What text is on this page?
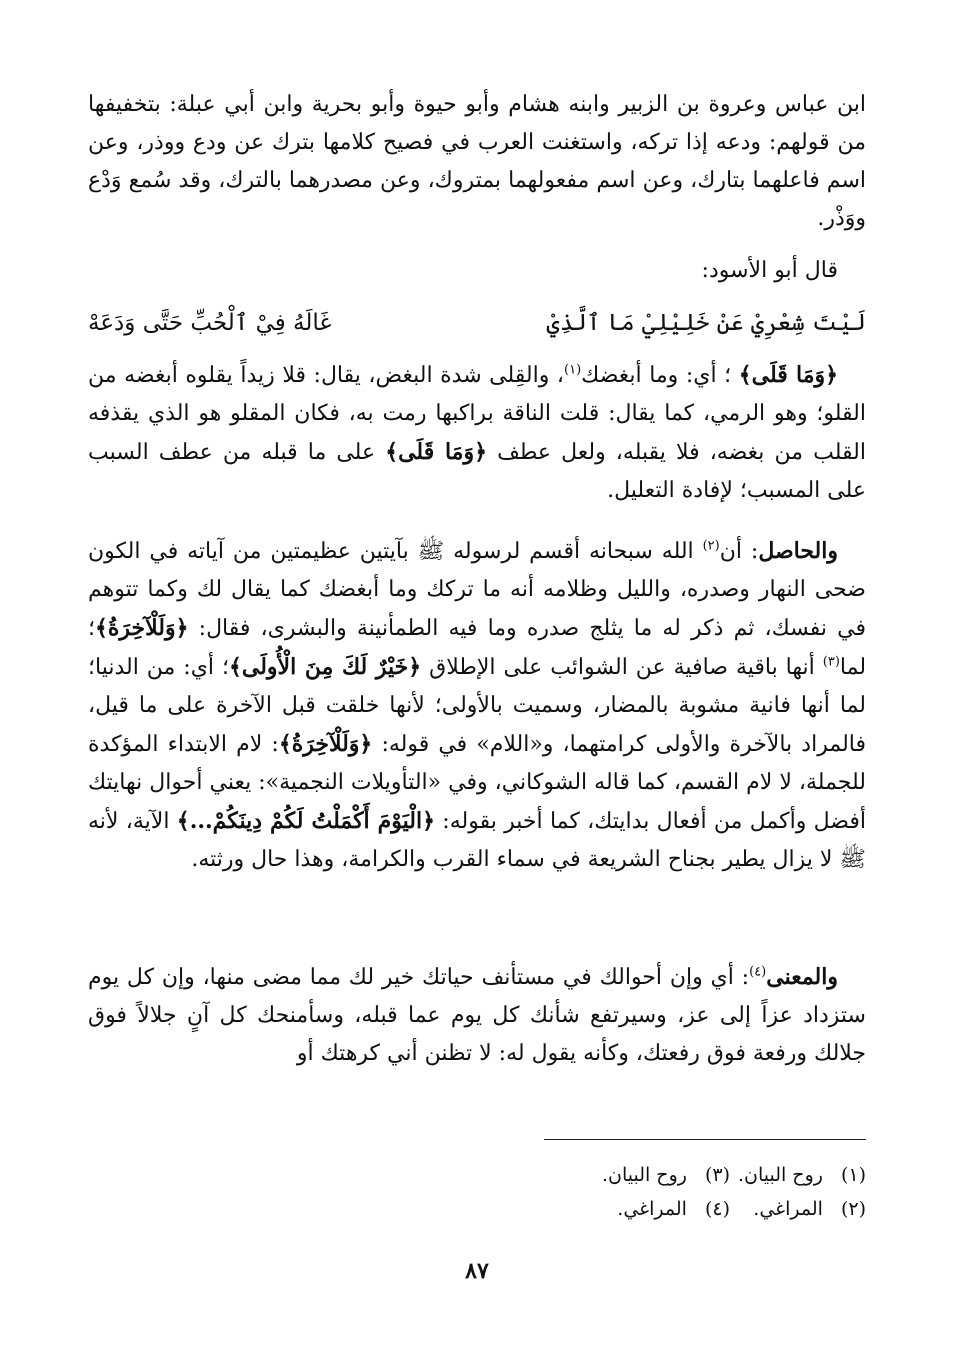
ابن عباس وعروة بن الزبير وابنه هشام وأبو حيوة وأبو بحرية وابن أبي عبلة: بتخفيفها من قولهم: ودعه إذا تركه، واستغنت العرب في فصيح كلامها بترك عن ودع ووذر، وعن اسم فاعلهما بتارك، وعن اسم مفعولهما بمتروك، وعن مصدرهما بالترك، وقد سُمع وَدْع ووَذْر.

قال أبو الأسود:

لَيْتَ شِعْرِيْ عَنْ خَلِيْلِيْ مَا ٱلَّذِيْ
غَالَهُ فِيْ ٱلْحُبِّ حَتَّى وَدَعَهْ

﴿وَمَا قَلَى﴾ ؛ أي: وما أبغضك$^{(١)}$، والقِلى شدة البغض، يقال: قلا زيداً يقلوه أبغضه من القلو؛ وهو الرمي، كما يقال: قلت الناقة براكبها رمت به، فكان المقلو هو الذي يقذفه القلب من بغضه، فلا يقبله، ولعل عطف ﴿وَمَا قَلَى﴾ على ما قبله من عطف السبب على المسبب؛ لإفادة التعليل.

والحاصل: أن$^{(٢)}$ الله سبحانه أقسم لرسوله ﷺ بآيتين عظيمتين من آياته في الكون ضحى النهار وصدره، والليل وظلامه أنه ما تركك وما أبغضك كما يقال لك وكما تتوهم في نفسك، ثم ذكر له ما يثلج صدره وما فيه الطمأنينة والبشرى، فقال: ﴿وَلَلْآخِرَةُ﴾؛ لما$^{(٣)}$ أنها باقية صافية عن الشوائب على الإطلاق ﴿خَيْرٌ لَكَ مِنَ الْأُولَى﴾؛ أي: من الدنيا؛ لما أنها فانية مشوبة بالمضار، وسميت بالأولى؛ لأنها خلقت قبل الآخرة على ما قيل، فالمراد بالآخرة والأولى كرامتهما، و«اللام» في قوله: ﴿وَلَلْآخِرَةُ﴾: لام الابتداء المؤكدة للجملة، لا لام القسم، كما قاله الشوكاني، وفي «التأويلات النجمية»: يعني أحوال نهايتك أفضل وأكمل من أفعال بدايتك، كما أخبر بقوله: ﴿الْيَوْمَ أَكْمَلْتُ لَكُمْ دِينَكُمْ...﴾ الآية، لأنه ﷺ لا يزال يطير بجناح الشريعة في سماء القرب والكرامة، وهذا حال ورثته.

والمعنى$^{(٤)}$: أي وإن أحوالك في مستأنف حياتك خير لك مما مضى منها، وإن كل يوم ستزداد عزاً إلى عز، وسيرتفع شأنك كل يوم عما قبله، وسأمنحك كل آنٍ جلالاً فوق جلالك ورفعة فوق رفعتك، وكأنه يقول له: لا تظنن أني كرهتك أو

(١)روح البيان.
(٢)المراغي.
(٣)روح البيان.
(٤)المراغي.
٨٧
